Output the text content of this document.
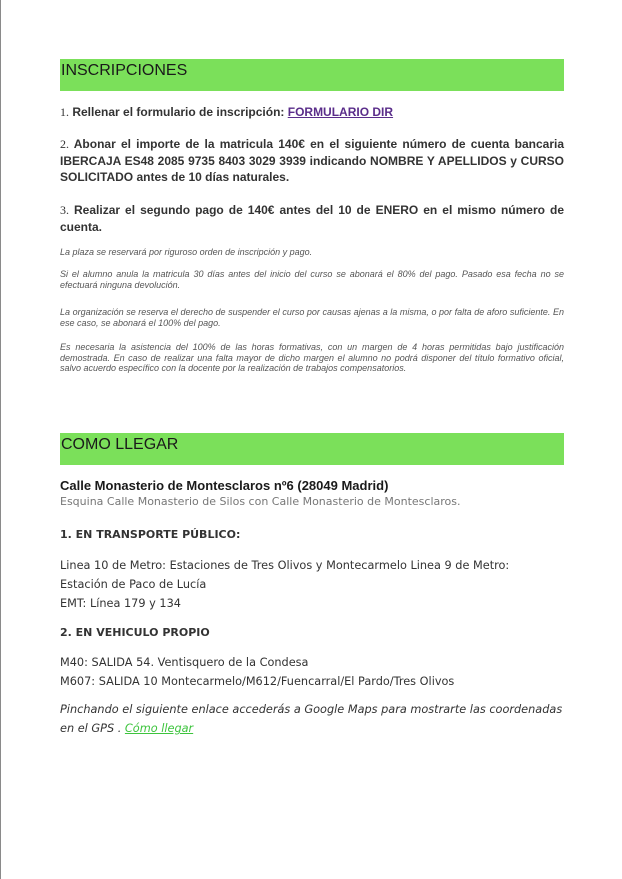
INSCRIPCIONES

1. Rellenar el formulario de inscripción: FORMULARIO DIR

2. Abonar el importe de la matricula 140€ en el siguiente número de cuenta bancaria IBERCAJA ES48 2085 9735 8403 3029 3939 indicando NOMBRE Y APELLIDOS y CURSO SOLICITADO antes de 10 días naturales.

3. Realizar el segundo pago de 140€ antes del 10 de ENERO en el mismo número de cuenta.

La plaza se reservará por riguroso orden de inscripción y pago.

Si el alumno anula la matricula 30 días antes del inicio del curso se abonará el 80% del pago. Pasado esa fecha no se efectuará ninguna devolución.

La organización se reserva el derecho de suspender el curso por causas ajenas a la misma, o por falta de aforo suficiente. En ese caso, se abonará el 100% del pago.

Es necesaria la asistencia del 100% de las horas formativas, con un margen de 4 horas permitidas bajo justificación demostrada. En caso de realizar una falta mayor de dicho margen el alumno no podrá disponer del título formativo oficial, salvo acuerdo específico con la docente por la realización de trabajos compensatorios.

COMO LLEGAR

Calle Monasterio de Montesclaros nº6 (28049 Madrid)

Esquina Calle Monasterio de Silos con Calle Monasterio de Montesclaros.

1. EN TRANSPORTE PÚBLICO:

Linea 10 de Metro: Estaciones de Tres Olivos y Montecarmelo Linea 9 de Metro:
Estación de Paco de Lucía
EMT: Línea 179 y 134

2. EN VEHICULO PROPIO

M40: SALIDA 54. Ventisquero de la Condesa
M607: SALIDA 10 Montecarmelo/M612/Fuencarral/El Pardo/Tres Olivos

Pinchando el siguiente enlace accederás a Google Maps para mostrarte las coordenadas en el GPS . Cómo llegar
